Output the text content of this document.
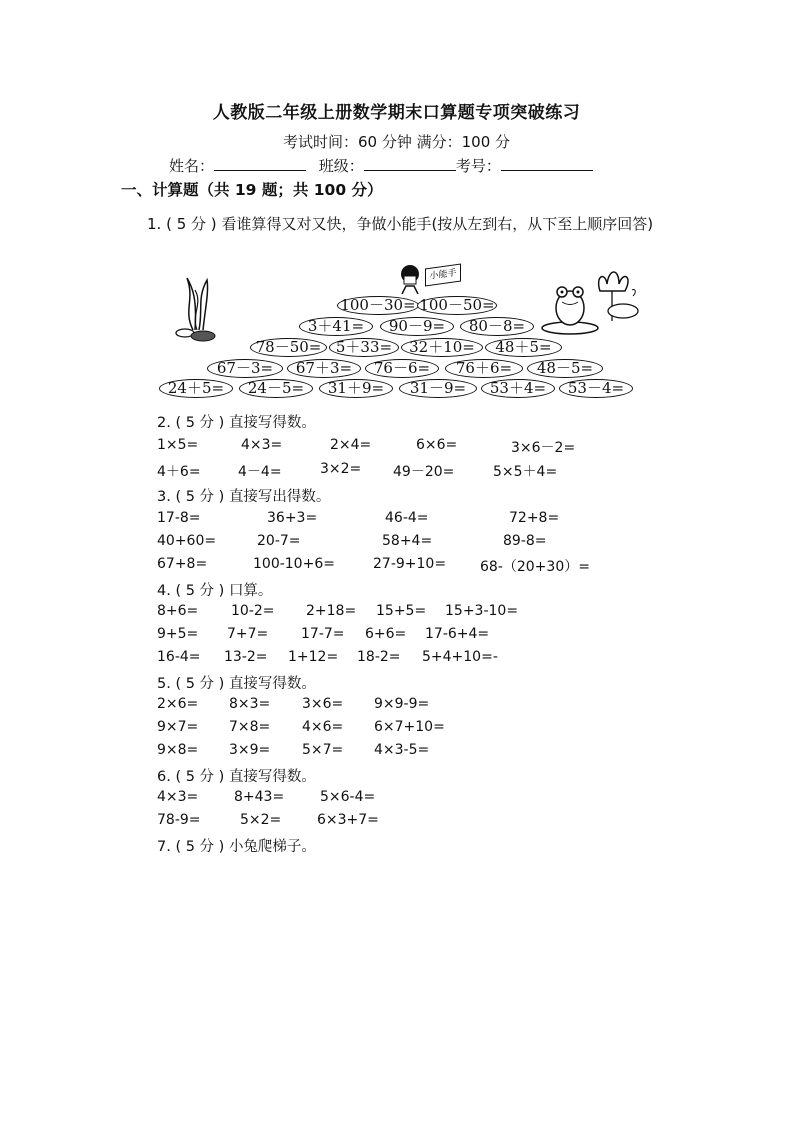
人教版二年级上册数学期末口算题专项突破练习
考试时间：60 分钟 满分：100 分
姓名：	班级：	考号：
一、计算题（共 19 题；共 100 分）
1. ( 5 分 ) 看谁算得又对又快，争做小能手(按从左到右，从下至上顺序回答)
小能手
100－30= 100－50=
3＋41=	90－9=	80－8=
78－50= 5＋33=	32＋10=	48＋5=
67－3=	67＋3=	76－6=	76＋6=	48－5=
24＋5=	24－5=	31＋9=	31－9=	53＋4=	53－4=
2. ( 5 分 ) 直接写得数。
1×5=	4×3=	2×4=	6×6=	3×6－2=
4＋6=	4－4=	3×2= 49－20=	5×5＋4=
3. ( 5 分 ) 直接写出得数。
17-8=	36+3=	46-4=	72+8=
40+60=	20-7=	58+4=	89-8=
67+8=	100-10+6=	27-9+10= 68-（20+30）=
4. ( 5 分 ) 口算。
8+6= 10-2= 2+18= 15+5= 15+3-10=
9+5= 7+7= 17-7= 6+6= 17-6+4=
16-4= 13-2= 1+12= 18-2= 5+4+10=-
5. ( 5 分 ) 直接写得数。
2×6= 8×3= 3×6= 9×9-9=
9×7= 7×8= 4×6= 6×7+10=
9×8= 3×9= 5×7= 4×3-5=
6. ( 5 分 ) 直接写得数。
4×3=	8+43=	5×6-4=
78-9=	5×2=	6×3+7=
7. ( 5 分 ) 小兔爬梯子。
